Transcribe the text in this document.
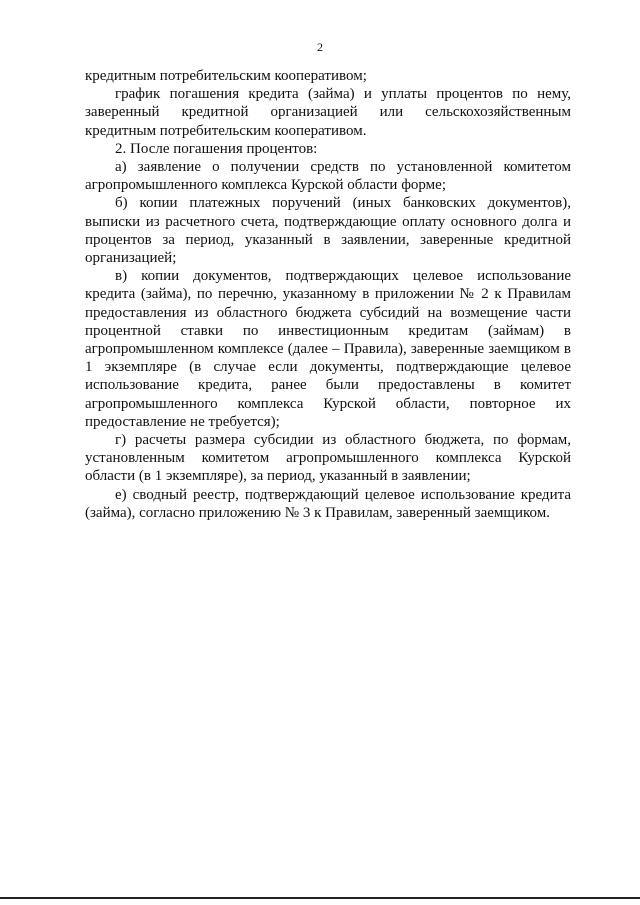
2

кредитным потребительским кооперативом;

график погашения кредита (займа) и уплаты процентов по нему, заверенный кредитной организацией или сельскохозяйственным кредитным потребительским кооперативом.

2. После погашения процентов:

а) заявление о получении средств по установленной комитетом агропромышленного комплекса Курской области форме;

б) копии платежных поручений (иных банковских документов), выписки из расчетного счета, подтверждающие оплату основного долга и процентов за период, указанный в заявлении, заверенные кредитной организацией;

в) копии документов, подтверждающих целевое использование кредита (займа), по перечню, указанному в приложении № 2 к Правилам предоставления из областного бюджета субсидий на возмещение части процентной ставки по инвестиционным кредитам (займам) в агропромышленном комплексе (далее – Правила), заверенные заемщиком в 1 экземпляре (в случае если документы, подтверждающие целевое использование кредита, ранее были предоставлены в комитет агропромышленного комплекса Курской области, повторное их предоставление не требуется);

г) расчеты размера субсидии из областного бюджета, по формам, установленным комитетом агропромышленного комплекса Курской области (в 1 экземпляре), за период, указанный в заявлении;

е) сводный реестр, подтверждающий целевое использование кредита (займа), согласно приложению № 3 к Правилам, заверенный заемщиком.
